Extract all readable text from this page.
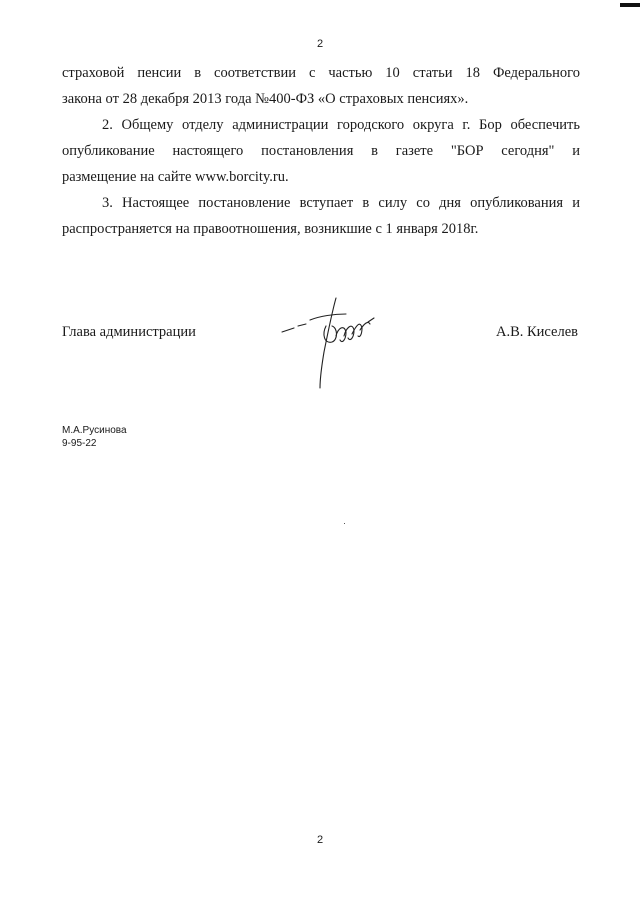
2

страховой пенсии в соответствии с частью 10 статьи 18 Федерального
закона от 28 декабря 2013 года №400-ФЗ «О страховых пенсиях».

2. Общему отделу администрации городского округа г. Бор обеспечить
опубликование настоящего постановления в газете "БОР сегодня" и
размещение на сайте www.borcity.ru.

3. Настоящее постановление вступает в силу со дня опубликования и
распространяется на правоотношения, возникшие с 1 января 2018г.

Глава администрации	А.В. Киселев
М.А.Русинова
9-95-22
2
